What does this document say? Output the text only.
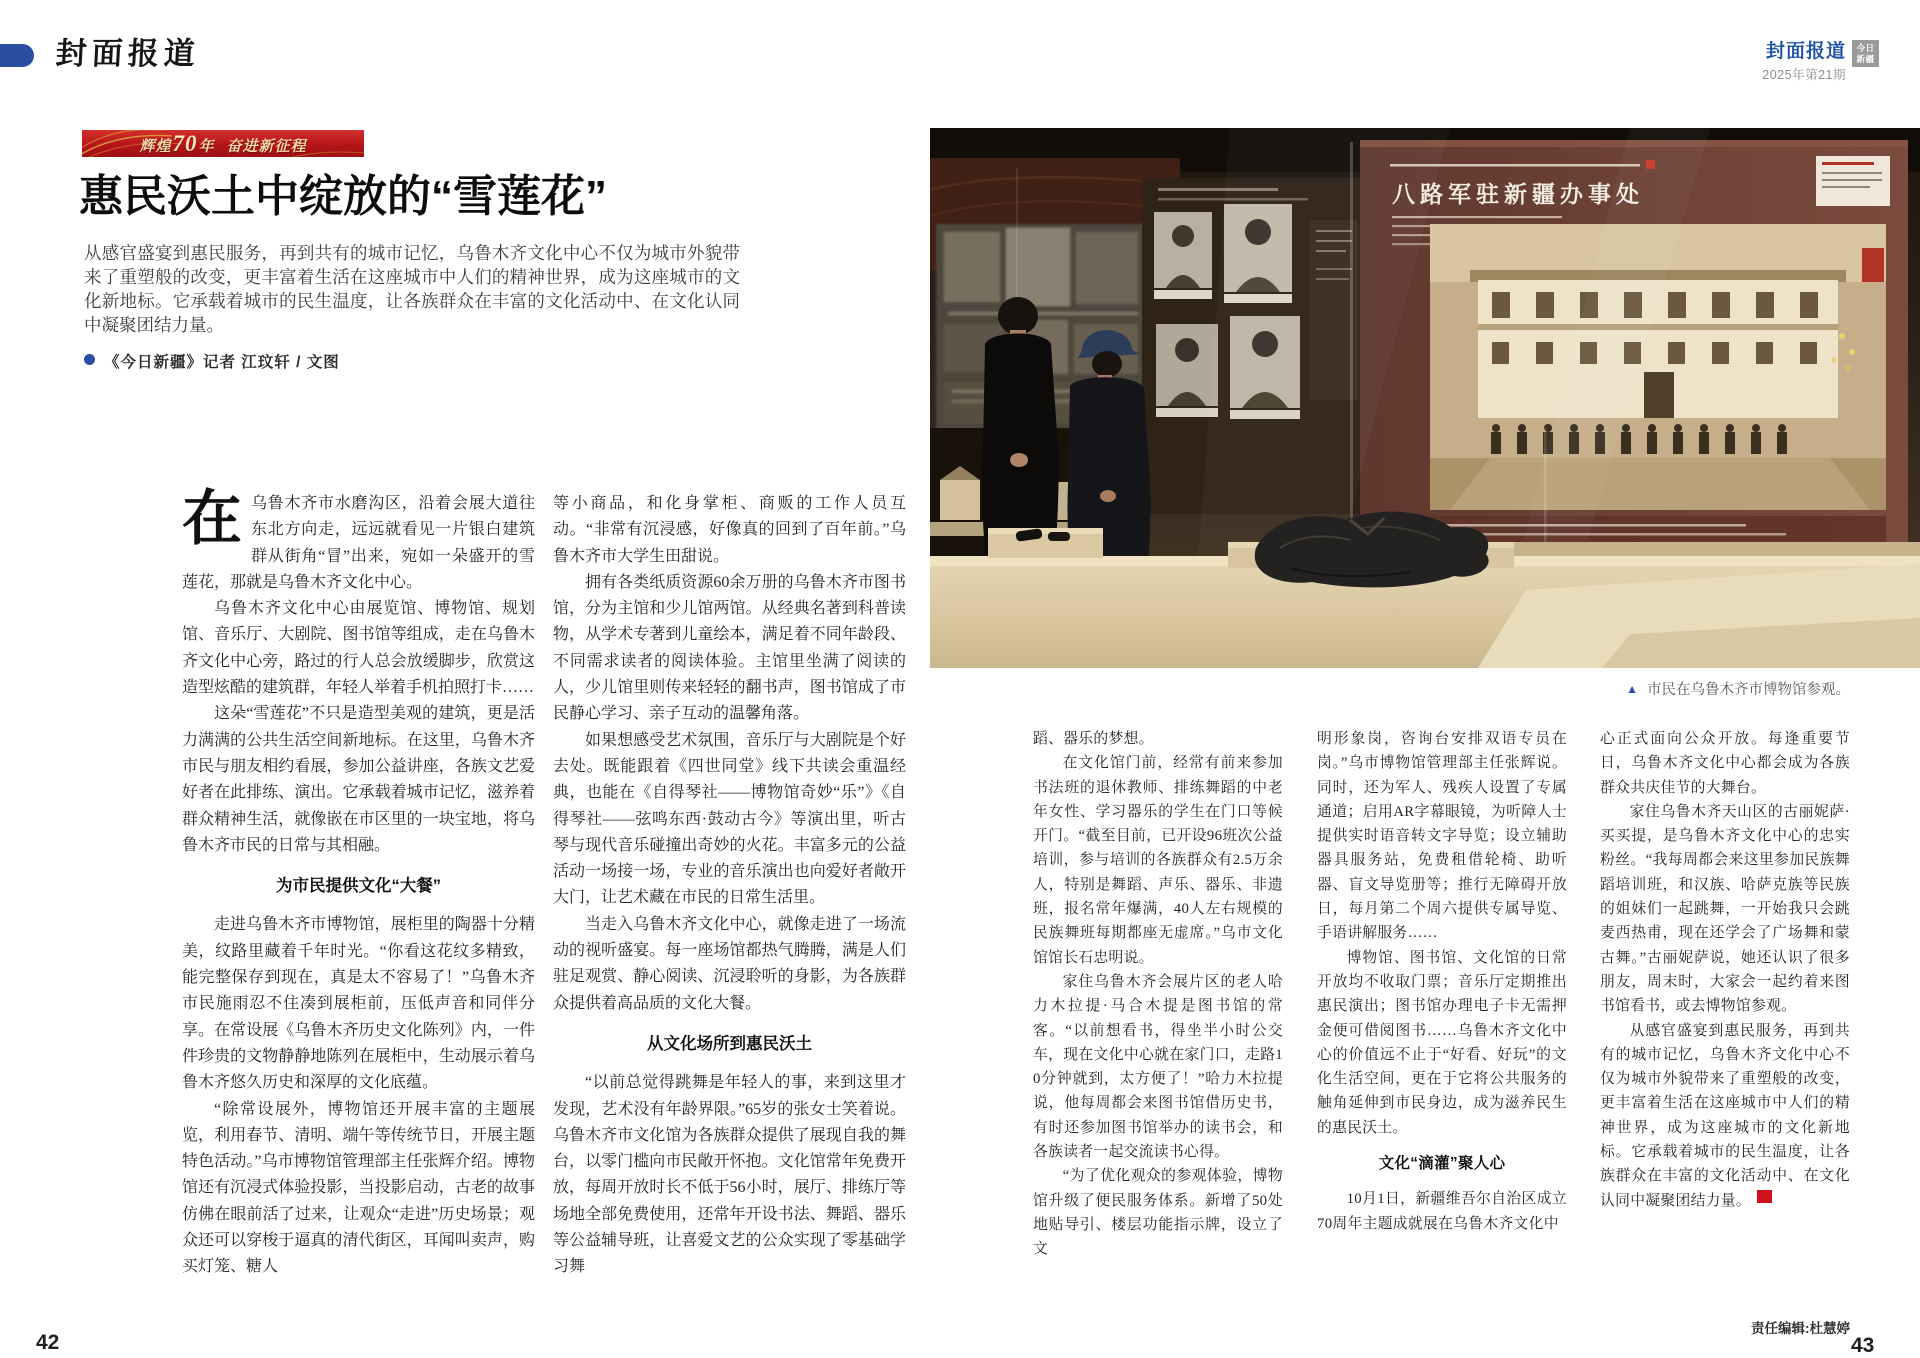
封面报道
辉煌70年 奋进新征程
惠民沃土中绽放的“雪莲花”
从感官盛宴到惠民服务，再到共有的城市记忆，乌鲁木齐文化中心不仅为城市外貌带来了重塑般的改变，更丰富着生活在这座城市中人们的精神世界，成为这座城市的文化新地标。它承载着城市的民生温度，让各族群众在丰富的文化活动中、在文化认同中凝聚团结力量。
《今日新疆》记者 江玟轩 / 文图

在乌鲁木齐市水磨沟区，沿着会展大道往东北方向走，远远就看见一片银白建筑群从街角“冒”出来，宛如一朵盛开的雪莲花，那就是乌鲁木齐文化中心。

乌鲁木齐文化中心由展览馆、博物馆、规划馆、音乐厅、大剧院、图书馆等组成，走在乌鲁木齐文化中心旁，路过的行人总会放缓脚步，欣赏这造型炫酷的建筑群，年轻人举着手机拍照打卡……

这朵“雪莲花”不只是造型美观的建筑，更是活力满满的公共生活空间新地标。在这里，乌鲁木齐市民与朋友相约看展，参加公益讲座，各族文艺爱好者在此排练、演出。它承载着城市记忆，滋养着群众精神生活，就像嵌在市区里的一块宝地，将乌鲁木齐市民的日常与其相融。

为市民提供文化“大餐”

走进乌鲁木齐市博物馆，展柜里的陶器十分精美，纹路里藏着千年时光。“你看这花纹多精致，能完整保存到现在，真是太不容易了！”乌鲁木齐市民施雨忍不住凑到展柜前，压低声音和同伴分享。在常设展《乌鲁木齐历史文化陈列》内，一件件珍贵的文物静静地陈列在展柜中，生动展示着乌鲁木齐悠久历史和深厚的文化底蕴。

“除常设展外，博物馆还开展丰富的主题展览，利用春节、清明、端午等传统节日，开展主题特色活动。”乌市博物馆管理部主任张辉介绍。博物馆还有沉浸式体验投影，当投影启动，古老的故事仿佛在眼前活了过来，让观众“走进”历史场景；观众还可以穿梭于逼真的清代街区，耳闻叫卖声，购买灯笼、糖人

等小商品，和化身掌柜、商贩的工作人员互动。“非常有沉浸感，好像真的回到了百年前。”乌鲁木齐市大学生田甜说。

拥有各类纸质资源60余万册的乌鲁木齐市图书馆，分为主馆和少儿馆两馆。从经典名著到科普读物，从学术专著到儿童绘本，满足着不同年龄段、不同需求读者的阅读体验。主馆里坐满了阅读的人，少儿馆里则传来轻轻的翻书声，图书馆成了市民静心学习、亲子互动的温馨角落。

如果想感受艺术氛围，音乐厅与大剧院是个好去处。既能跟着《四世同堂》线下共读会重温经典，也能在《自得琴社——博物馆奇妙“乐”》《自得琴社——弦鸣东西·鼓动古今》等演出里，听古琴与现代音乐碰撞出奇妙的火花。丰富多元的公益活动一场接一场，专业的音乐演出也向爱好者敞开大门，让艺术藏在市民的日常生活里。

当走入乌鲁木齐文化中心，就像走进了一场流动的视听盛宴。每一座场馆都热气腾腾，满是人们驻足观赏、静心阅读、沉浸聆听的身影，为各族群众提供着高品质的文化大餐。

从文化场所到惠民沃土

“以前总觉得跳舞是年轻人的事，来到这里才发现，艺术没有年龄界限。”65岁的张女士笑着说。乌鲁木齐市文化馆为各族群众提供了展现自我的舞台，以零门槛向市民敞开怀抱。文化馆常年免费开放，每周开放时长不低于56小时，展厅、排练厅等场地全部免费使用，还常年开设书法、舞蹈、器乐等公益辅导班，让喜爱文艺的公众实现了零基础学习舞

封面报道
2025年第21期
今日
新疆
八路军驻新疆办事处
▲ 市民在乌鲁木齐市博物馆参观。

蹈、器乐的梦想。

在文化馆门前，经常有前来参加书法班的退休教师、排练舞蹈的中老年女性、学习器乐的学生在门口等候开门。“截至目前，已开设96班次公益培训，参与培训的各族群众有2.5万余人，特别是舞蹈、声乐、器乐、非遗班，报名常年爆满，40人左右规模的民族舞班每期都座无虚席。”乌市文化馆馆长石忠明说。

家住乌鲁木齐会展片区的老人哈力木拉提·马合木提是图书馆的常客。“以前想看书，得坐半小时公交车，现在文化中心就在家门口，走路10分钟就到，太方便了！”哈力木拉提说，他每周都会来图书馆借历史书，有时还参加图书馆举办的读书会，和各族读者一起交流读书心得。

“为了优化观众的参观体验，博物馆升级了便民服务体系。新增了50处地贴导引、楼层功能指示牌，设立了文

明形象岗，咨询台安排双语专员在岗。”乌市博物馆管理部主任张辉说。同时，还为军人、残疾人设置了专属通道；启用AR字幕眼镜，为听障人士提供实时语音转文字导览；设立辅助器具服务站，免费租借轮椅、助听器、盲文导览册等；推行无障碍开放日，每月第二个周六提供专属导览、手语讲解服务……

博物馆、图书馆、文化馆的日常开放均不收取门票；音乐厅定期推出惠民演出；图书馆办理电子卡无需押金便可借阅图书……乌鲁木齐文化中心的价值远不止于“好看、好玩”的文化生活空间，更在于它将公共服务的触角延伸到市民身边，成为滋养民生的惠民沃土。

文化“滴灌”聚人心

10月1日，新疆维吾尔自治区成立70周年主题成就展在乌鲁木齐文化中

心正式面向公众开放。每逢重要节日，乌鲁木齐文化中心都会成为各族群众共庆佳节的大舞台。

家住乌鲁木齐天山区的古丽妮萨·买买提，是乌鲁木齐文化中心的忠实粉丝。“我每周都会来这里参加民族舞蹈培训班，和汉族、哈萨克族等民族的姐妹们一起跳舞，一开始我只会跳麦西热甫，现在还学会了广场舞和蒙古舞。”古丽妮萨说，她还认识了很多朋友，周末时，大家会一起约着来图书馆看书，或去博物馆参观。

从感官盛宴到惠民服务，再到共有的城市记忆，乌鲁木齐文化中心不仅为城市外貌带来了重塑般的改变，更丰富着生活在这座城市中人们的精神世界，成为这座城市的文化新地标。它承载着城市的民生温度，让各族群众在丰富的文化活动中、在文化认同中凝聚团结力量。	J

责任编辑:杜慧婷
42	43
